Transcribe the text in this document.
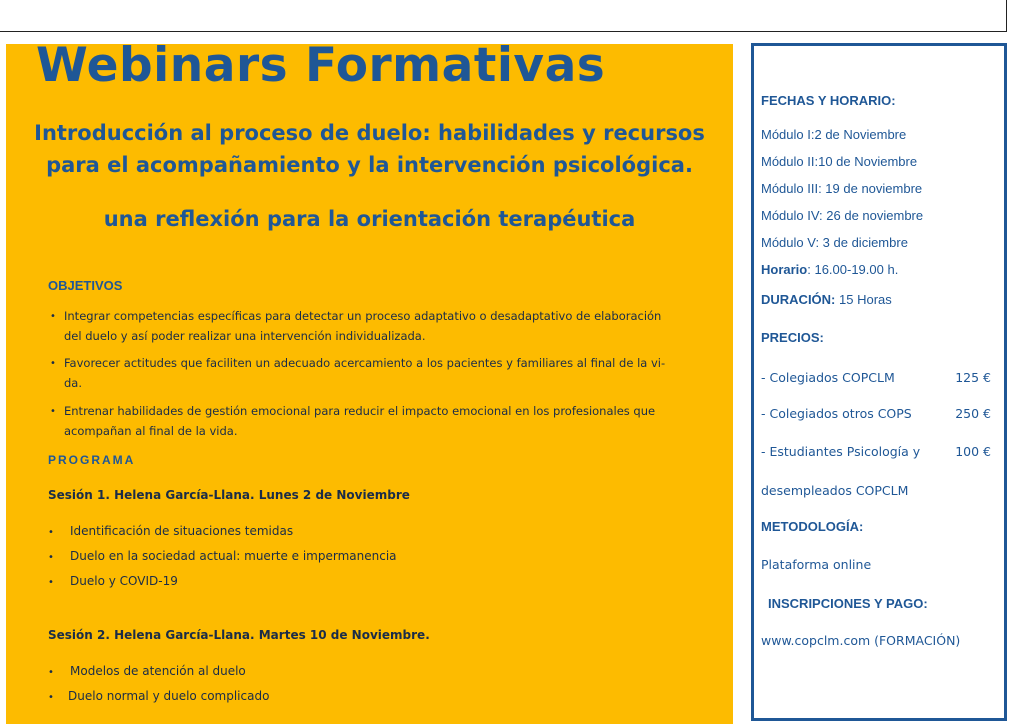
Webinars Formativas

Introducción al proceso de duelo: habilidades y recursos

para el acompañamiento y la intervención psicológica.

una reflexión para la orientación terapéutica

OBJETIVOS

• Integrar competencias específicas para detectar un proceso adaptativo o desadaptativo de elaboración
del duelo y así poder realizar una intervención individualizada.
• Favorecer actitudes que faciliten un adecuado acercamiento a los pacientes y familiares al final de la vi-
da.
• Entrenar habilidades de gestión emocional para reducir el impacto emocional en los profesionales que
acompañan al final de la vida.

PROGRAMA

Sesión 1. Helena García-Llana. Lunes 2 de Noviembre

• Identificación de situaciones temidas
• Duelo en la sociedad actual: muerte e impermanencia
• Duelo y COVID-19

Sesión 2. Helena García-Llana. Martes 10 de Noviembre.

• Modelos de atención al duelo
• Duelo normal y duelo complicado

FECHAS Y HORARIO:

Módulo I:2 de Noviembre

Módulo II:10 de Noviembre

Módulo III: 19 de noviembre

Módulo IV: 26 de noviembre

Módulo V: 3 de diciembre

Horario: 16.00-19.00 h.

DURACIÓN: 15 Horas

PRECIOS:

- Colegiados COPCLM	125 €
- Colegiados otros COPS	250 €
- Estudiantes Psicología y	100 €

desempleados COPCLM

METODOLOGÍA:

Plataforma online

INSCRIPCIONES Y PAGO:

www.copclm.com (FORMACIÓN)
